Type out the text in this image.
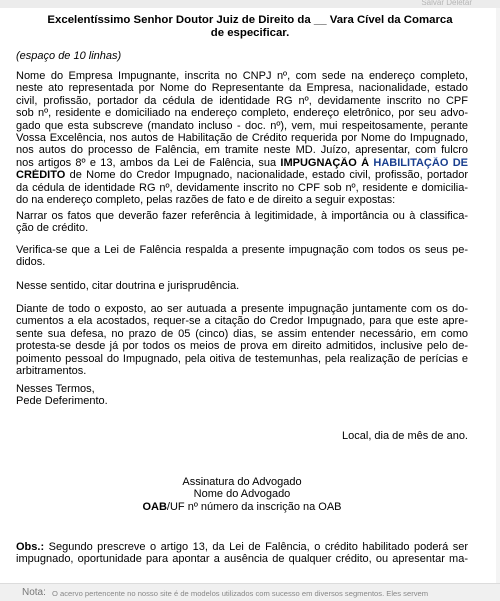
Salvar Deletar
Excelentíssimo Senhor Doutor Juiz de Direito da __ Vara Cível da Comarca
de especificar.
(espaço de 10 linhas)
Nome do Empresa Impugnante, inscrita no CNPJ nº, com sede na endereço completo,
neste ato representada por Nome do Representante da Empresa, nacionalidade, estado
civil, profissão, portador da cédula de identidade RG nº, devidamente inscrito no CPF
sob nº, residente e domiciliado na endereço completo, endereço eletrônico, por seu advo-
gado que esta subscreve (mandato incluso - doc. nº), vem, mui respeitosamente, perante
Vossa Excelência, nos autos de Habilitação de Crédito requerida por Nome do Impugnado,
nos autos do processo de Falência, em tramite neste MD. Juízo, apresentar, com fulcro
nos artigos 8º e 13, ambos da Lei de Falência, sua IMPUGNAÇÃO À HABILITAÇÃO DE
CRÉDITO de Nome do Credor Impugnado, nacionalidade, estado civil, profissão, portador
da cédula de identidade RG nº, devidamente inscrito no CPF sob nº, residente e domicilia-
do na endereço completo, pelas razões de fato e de direito a seguir expostas:
Narrar os fatos que deverão fazer referência à legitimidade, à importância ou à classifica-
ção de crédito.
Verifica-se que a Lei de Falência respalda a presente impugnação com todos os seus pe-
didos.
Nesse sentido, citar doutrina e jurisprudência.
Diante de todo o exposto, ao ser autuada a presente impugnação juntamente com os do-
cumentos a ela acostados, requer-se a citação do Credor Impugnado, para que este apre-
sente sua defesa, no prazo de 05 (cinco) dias, se assim entender necessário, em como
protesta-se desde já por todos os meios de prova em direito admitidos, inclusive pelo de-
poimento pessoal do Impugnado, pela oitiva de testemunhas, pela realização de perícias e
arbitramentos.
Nesses Termos,
Pede Deferimento.
Local, dia de mês de ano.
Assinatura do Advogado
Nome do Advogado
OAB/UF nº número da inscrição na OAB
Obs.: Segundo prescreve o artigo 13, da Lei de Falência, o crédito habilitado poderá ser
impugnado, oportunidade para apontar a ausência de qualquer crédito, ou apresentar ma-
Nota: O acervo pertencente no nosso site é de modelos utilizados com sucesso em diversos segmentos. Eles servem
